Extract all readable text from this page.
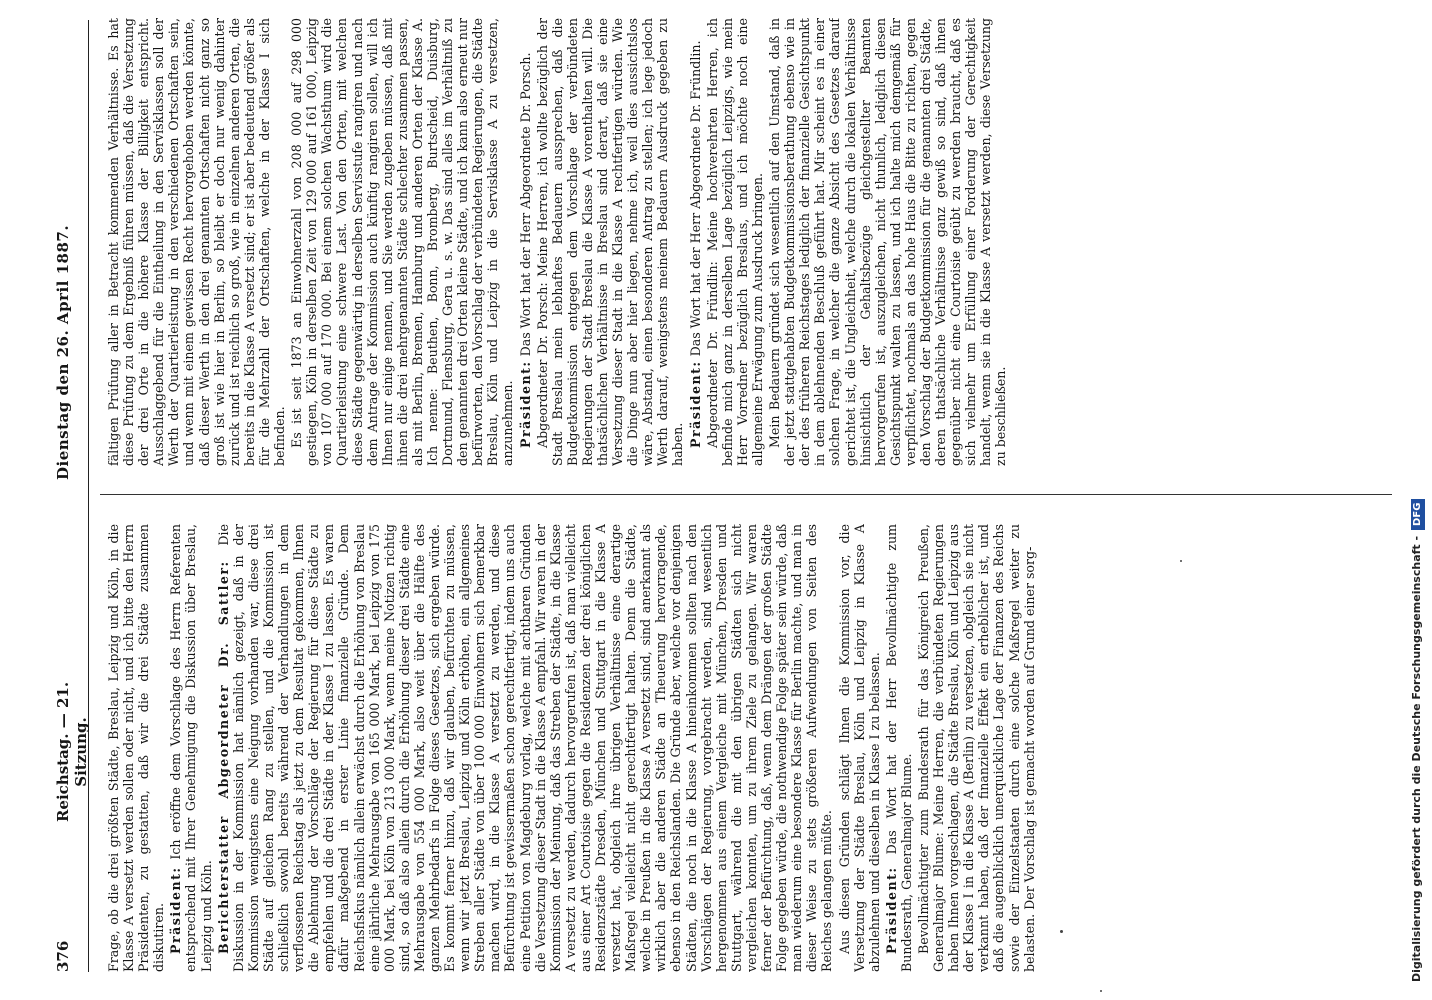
376
Reichstag. — 21. Sitzung.
Dienstag den 26. April 1887.

Frage, ob die drei größten Städte, Breslau, Leipzig und Köln, in die Klasse A versetzt werden sollen oder nicht, und ich bitte den Herrn Präsidenten, zu gestatten, daß wir die drei Städte zusammen diskutiren. Präsident: Ich eröffne dem Vorschlage des Herrn Referenten entsprechend mit Ihrer Genehmigung die Diskussion über Breslau, Leipzig und Köln. Berichterstatter Abgeordneter Dr. Sattler: Die Diskussion in der Kommission hat nämlich gezeigt, daß in der Kommission wenigstens eine Neigung vorhanden war, diese drei Städte auf gleichen Rang zu stellen, und die Kommission ist schließlich sowohl bereits während der Verhandlungen in dem verflossenen Reichstag als jetzt zu dem Resultat gekommen, Ihnen die Ablehnung der Vorschläge der Regierung für diese Städte zu empfehlen und die drei Städte in der Klasse I zu lassen. Es waren dafür maßgebend in erster Linie finanzielle Gründe. Dem Reichsfiskus nämlich allein erwächst durch die Erhöhung von Breslau eine jährliche Mehrausgabe von 165 000 Mark, bei Leipzig von 175 000 Mark, bei Köln von 213 000 Mark, wenn meine Notizen richtig sind, so daß also allein durch die Erhöhung dieser drei Städte eine Mehrausgabe von 554 000 Mark, also weit über die Hälfte des ganzen Mehrbedarfs in Folge dieses Gesetzes, sich ergeben würde. Es kommt ferner hinzu, daß wir glauben, befürchten zu müssen, wenn wir jetzt Breslau, Leipzig und Köln erhöhen, ein allgemeines Streben aller Städte von über 100 000 Einwohnern sich bemerkbar machen wird, in die Klasse A versetzt zu werden, und diese Befürchtung ist gewissermaßen schon gerechtfertigt, indem uns auch eine Petition von Magdeburg vorlag, welche mit achtbaren Gründen die Versetzung dieser Stadt in die Klasse A empfahl. Wir waren in der Kommission der Meinung, daß das Streben der Städte, in die Klasse A versetzt zu werden, dadurch hervorgerufen ist, daß man vielleicht aus einer Art Courtoisie gegen die Residenzen der drei königlichen Residenzstädte Dresden, München und Stuttgart in die Klasse A versetzt hat, obgleich ihre übrigen Verhältnisse eine derartige Maßregel vielleicht nicht gerechtfertigt halten. Denn die Städte, welche in Preußen in die Klasse A versetzt sind, sind anerkannt als wirklich aber die anderen Städte an Theuerung hervorragende, ebenso in den Reichslanden. Die Gründe aber, welche vor denjenigen Städten, die noch in die Klasse A hineinkommen sollten nach den Vorschlägen der Regierung, vorgebracht werden, sind wesentlich hergenommen aus einem Vergleiche mit München, Dresden und Stuttgart, während die mit den übrigen Städten sich nicht vergleichen konnten, um zu ihrem Ziele zu gelangen. Wir waren ferner der Befürchtung, daß, wenn dem Drängen der großen Städte Folge gegeben würde, die nothwendige Folge später sein würde, daß man wiederum eine besondere Klasse für Berlin machte, und man in dieser Weise zu stets größeren Aufwendungen von Seiten des Reiches gelangen müßte. Aus diesen Gründen schlägt Ihnen die Kommission vor, die Versetzung der Städte Breslau, Köln und Leipzig in Klasse A abzulehnen und dieselben in Klasse I zu belassen. Präsident: Das Wort hat der Herr Bevollmächtigte zum Bundesrath, Generalmajor Blume. Bevollmächtigter zum Bundesrath für das Königreich Preußen, Generalmajor Blume: Meine Herren, die verbündeten Regierungen haben Ihnen vorgeschlagen, die Städte Breslau, Köln und Leipzig aus der Klasse I in die Klasse A (Berlin) zu versetzen, obgleich sie nicht verkannt haben, daß der finanzielle Effekt ein erheblicher ist, und daß die augenblicklich unerquickliche Lage der Finanzen des Reichs sowie der Einzelstaaten durch eine solche Maßregel weiter zu belasten. Der Vorschlag ist gemacht worden auf Grund einer sorg-

fältigen Prüfung aller in Betracht kommenden Verhältnisse. Es hat diese Prüfung zu dem Ergebniß führen müssen, daß die Versetzung der drei Orte in die höhere Klasse der Billigkeit entspricht. Ausschlaggebend für die Eintheilung in den Servisklassen soll der Werth der Quartierleistung in den verschiedenen Ortschaften sein, und wenn mit einem gewissen Recht hervorgehoben werden könnte, daß dieser Werth in den drei genannten Ortschaften nicht ganz so groß ist wie hier in Berlin, so bleibt er doch nur wenig dahinter zurück und ist reichlich so groß, wie in einzelnen anderen Orten, die bereits in die Klasse A versetzt sind; er ist aber bedeutend größer als für die Mehrzahl der Ortschaften, welche in der Klasse I sich befinden. Es ist seit 1873 an Einwohnerzahl von 208 000 auf 298 000 gestiegen, Köln in derselben Zeit von 129 000 auf 161 000, Leipzig von 107 000 auf 170 000. Bei einem solchen Wachsthum wird die Quartierleistung eine schwere Last. Von den Orten, mit welchen diese Städte gegenwärtig in derselben Servisstufe rangiren und nach dem Antrage der Kommission auch künftig rangiren sollen, will ich Ihnen nur einige nennen, und Sie werden zugeben müssen, daß mit ihnen die drei mehrgenannten Städte schlechter zusammen passen, als mit Berlin, Bremen, Hamburg und anderen Orten der Klasse A. Ich nenne: Beuthen, Bonn, Bromberg, Burtscheid, Duisburg, Dortmund, Flensburg, Gera u. s. w. Das sind alles im Verhältniß zu den genannten drei Orten kleine Städte, und ich kann also erneut nur befürworten, den Vorschlag der verbündeten Regierungen, die Städte Breslau, Köln und Leipzig in die Servisklasse A zu versetzen, anzunehmen. Präsident: Das Wort hat der Herr Abgeordnete Dr. Porsch. Abgeordneter Dr. Porsch: Meine Herren, ich wollte bezüglich der Stadt Breslau mein lebhaftes Bedauern aussprechen, daß die Budgetkommission entgegen dem Vorschlage der verbündeten Regierungen der Stadt Breslau die Klasse A vorenthalten will. Die thatsächlichen Verhältnisse in Breslau sind derart, daß sie eine Versetzung dieser Stadt in die Klasse A rechtfertigen würden. Wie die Dinge nun aber hier liegen, nehme ich, weil dies aussichtslos wäre, Abstand, einen besonderen Antrag zu stellen; ich lege jedoch Werth darauf, wenigstens meinem Bedauern Ausdruck gegeben zu haben. Präsident: Das Wort hat der Herr Abgeordnete Dr. Fründlin. Abgeordneter Dr. Fründlin: Meine hochverehrten Herren, ich befinde mich ganz in derselben Lage bezüglich Leipzigs, wie mein Herr Vorredner bezüglich Breslaus, und ich möchte noch eine allgemeine Erwägung zum Ausdruck bringen. Mein Bedauern gründet sich wesentlich auf den Umstand, daß in der jetzt stattgehabten Budgetkommissionsberathung ebenso wie in der des früheren Reichstages lediglich der finanzielle Gesichtspunkt in dem ablehnenden Beschluß geführt hat. Mir scheint es in einer solchen Frage, in welcher die ganze Absicht des Gesetzes darauf gerichtet ist, die Ungleichheit, welche durch die lokalen Verhältnisse hinsichtlich der Gehaltsbezüge gleichgestellter Beamten hervorgerufen ist, auszugleichen, nicht thunlich, lediglich diesen Gesichtspunkt walten zu lassen, und ich halte mich demgemäß für verpflichtet, nochmals an das hohe Haus die Bitte zu richten, gegen den Vorschlag der Budgetkommission für die genannten drei Städte, deren thatsächliche Verhältnisse ganz gewiß so sind, daß ihnen gegenüber nicht eine Courtoisie geübt zu werden braucht, daß es sich vielmehr um Erfüllung einer Forderung der Gerechtigkeit handelt, wenn sie in die Klasse A versetzt werden, diese Versetzung zu beschließen.

Digitalisierung gefördert durch die Deutsche Forschungsgemeinschaft -DFG
